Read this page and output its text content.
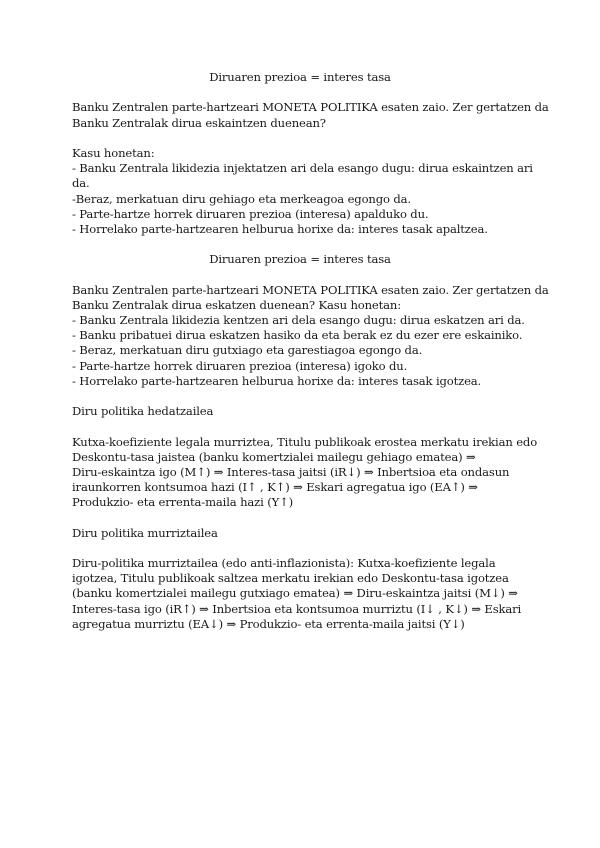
Diruaren prezioa = interes tasa
Banku Zentralen parte-hartzeari MONETA POLITIKA esaten zaio. Zer gertatzen da
Banku Zentralak dirua eskaintzen duenean?
Kasu honetan:
- Banku Zentrala likidezia injektatzen ari dela esango dugu: dirua eskaintzen ari
da.
-Beraz, merkatuan diru gehiago eta merkeagoa egongo da.
- Parte-hartze horrek diruaren prezioa (interesa) apalduko du.
- Horrelako parte-hartzearen helburua horixe da: interes tasak apaltzea.
Diruaren prezioa = interes tasa
Banku Zentralen parte-hartzeari MONETA POLITIKA esaten zaio. Zer gertatzen da
Banku Zentralak dirua eskatzen duenean? Kasu honetan:
- Banku Zentrala likidezia kentzen ari dela esango dugu: dirua eskatzen ari da.
- Banku pribatuei dirua eskatzen hasiko da eta berak ez du ezer ere eskainiko.
- Beraz, merkatuan diru gutxiago eta garestiagoa egongo da.
- Parte-hartze horrek diruaren prezioa (interesa) igoko du.
- Horrelako parte-hartzearen helburua horixe da: interes tasak igotzea.
Diru politika hedatzailea
Kutxa-koefiziente legala murriztea, Titulu publikoak erostea merkatu irekian edo
Deskontu-tasa jaistea (banku komertzialei mailegu gehiago ematea) ⇒
Diru-eskaintza igo (M↑) ⇒ Interes-tasa jaitsi (iR↓) ⇒ Inbertsioa eta ondasun
iraunkorren kontsumoa hazi (I↑ , K↑) ⇒ Eskari agregatua igo (EA↑) ⇒
Produkzio- eta errenta-maila hazi (Y↑)
Diru politika murriztailea
Diru-politika murriztailea (edo anti-inflazionista): Kutxa-koefiziente legala
igotzea, Titulu publikoak saltzea merkatu irekian edo Deskontu-tasa igotzea
(banku komertzialei mailegu gutxiago ematea) ⇒ Diru-eskaintza jaitsi (M↓) ⇒
Interes-tasa igo (iR↑) ⇒ Inbertsioa eta kontsumoa murriztu (I↓ , K↓) ⇒ Eskari
agregatua murriztu (EA↓) ⇒ Produkzio- eta errenta-maila jaitsi (Y↓)
